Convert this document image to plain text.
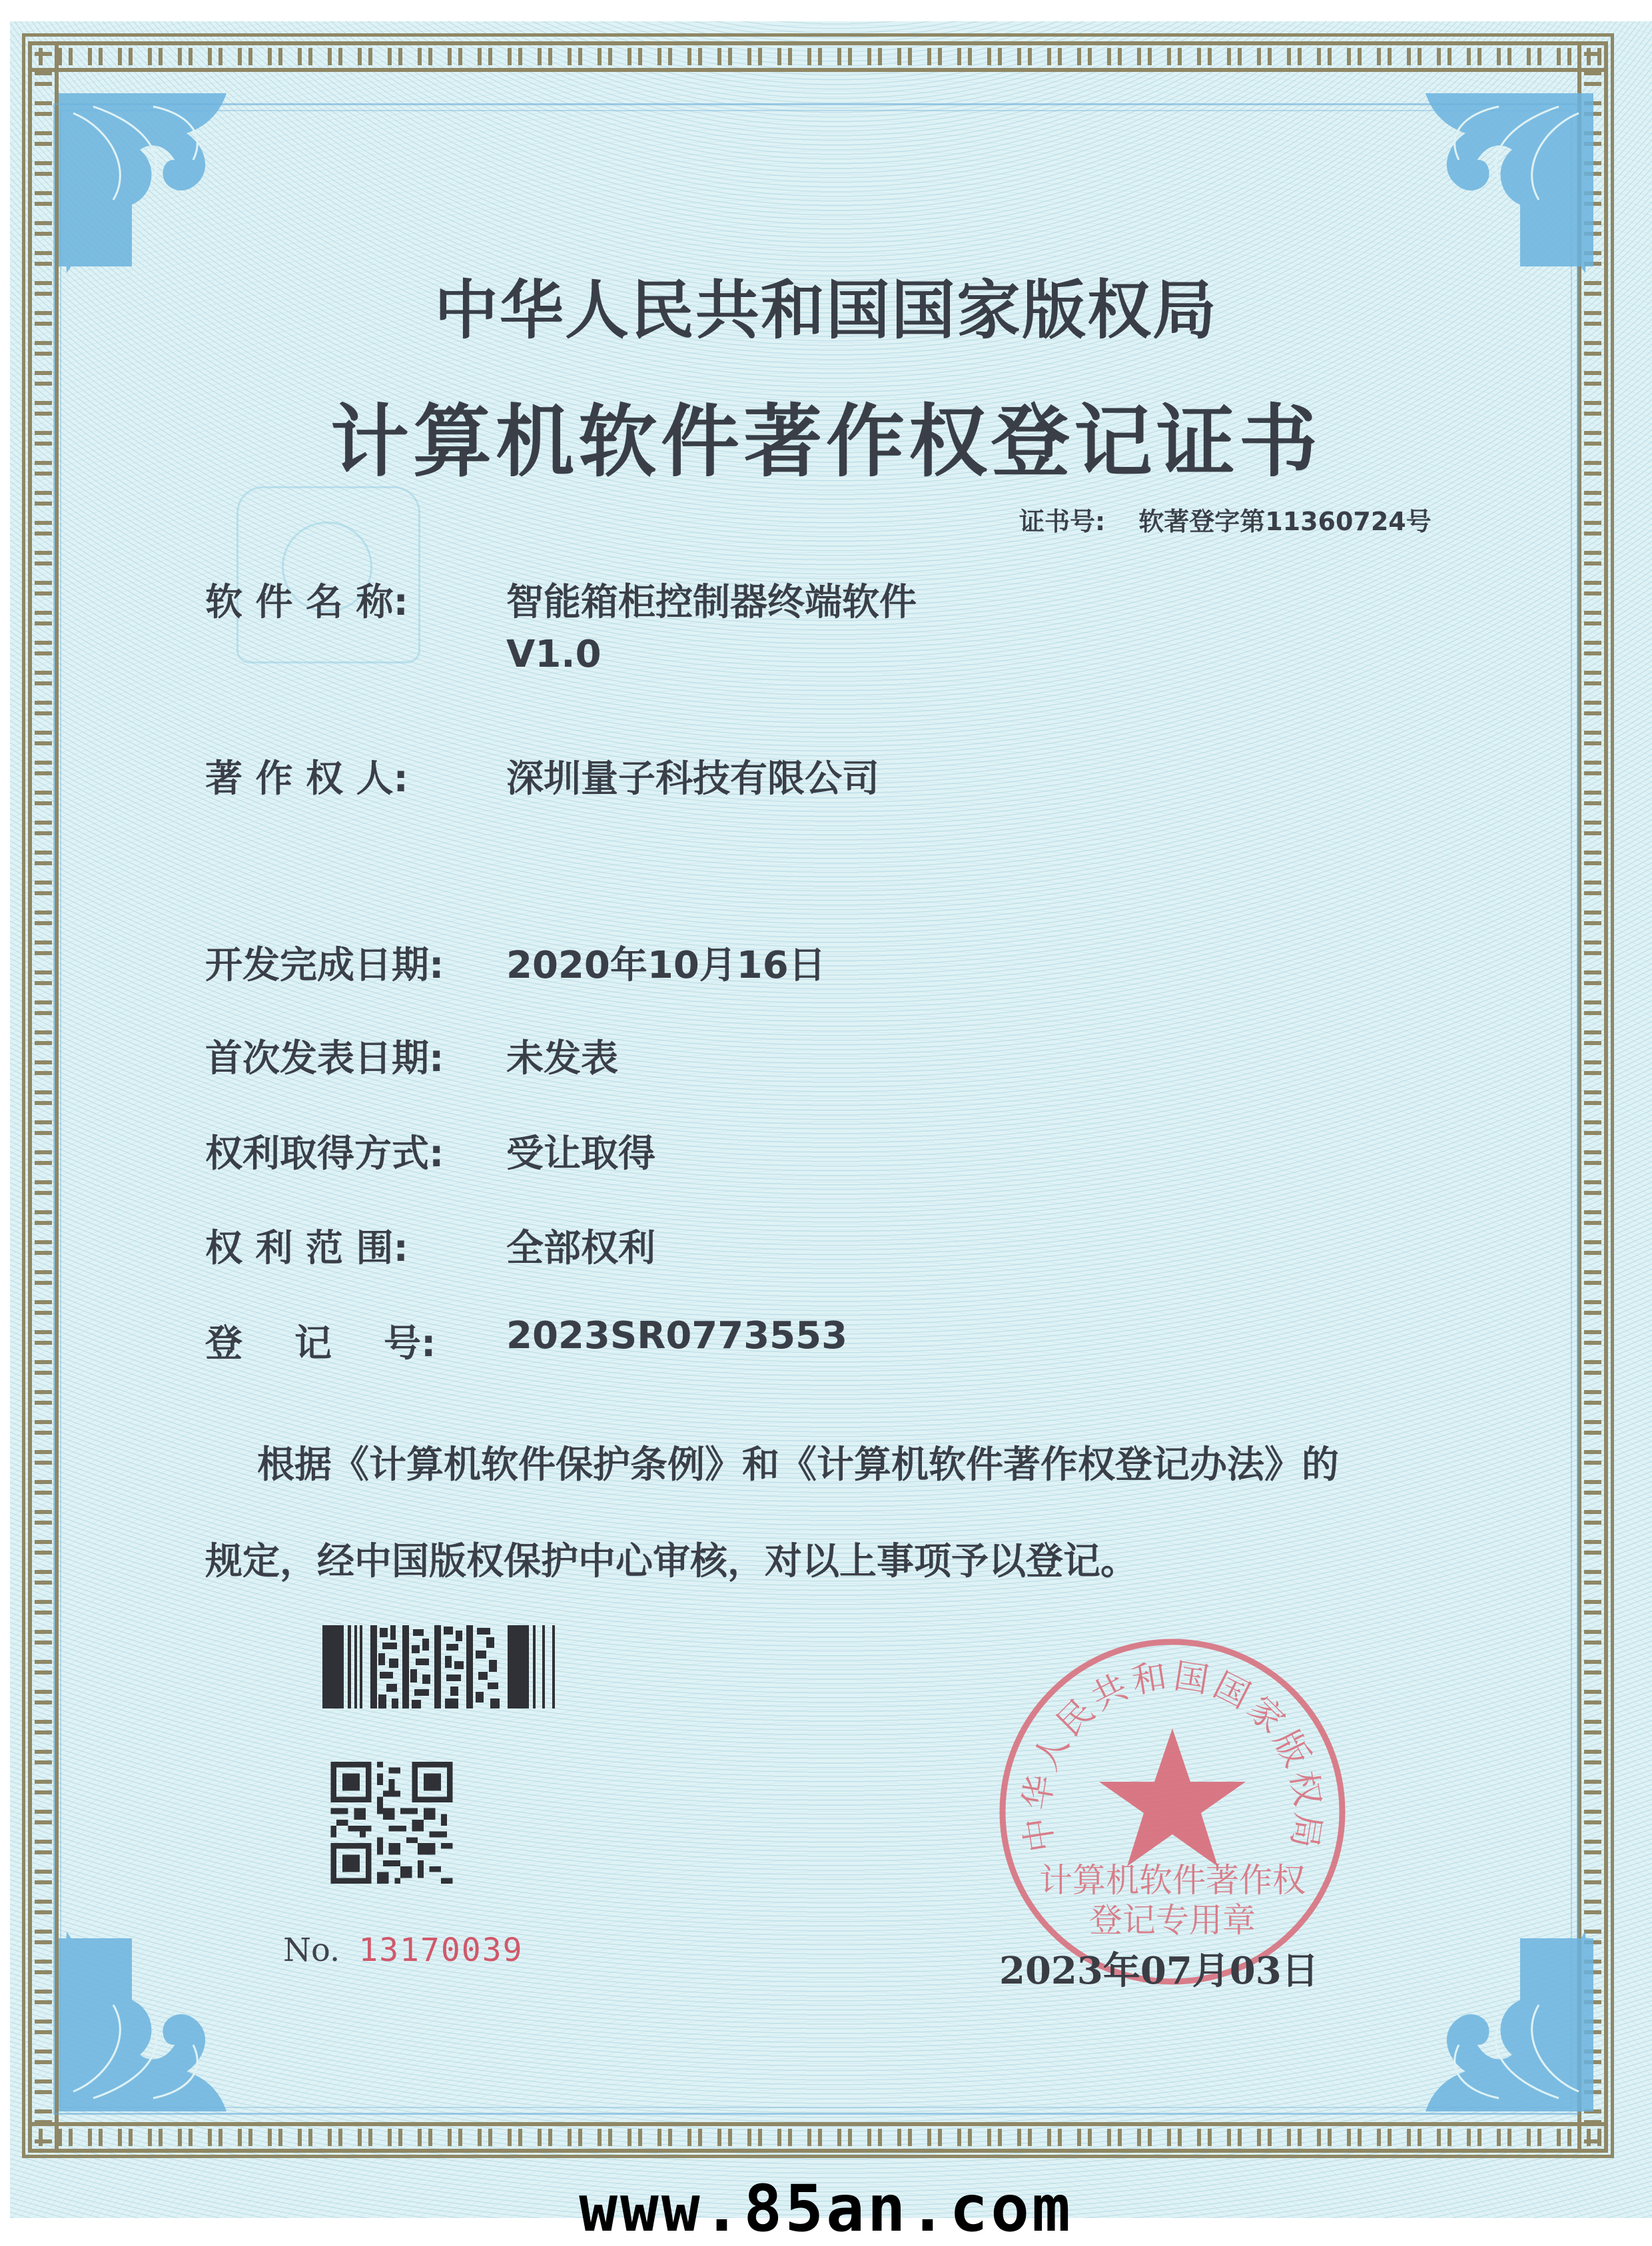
中华人民共和国国家版权局
计算机软件著作权登记证书
证书号: 软著登字第11360724号
软 件 名 称:	智能箱柜控制器终端软件
V1.0
著 作 权 人:	深圳量子科技有限公司
开发完成日期: 2020年10月16日
首次发表日期: 未发表
权利取得方式: 受让取得
权 利 范 围:	全部权利
登    记    号: 2023SR0773553
根据《计算机软件保护条例》和《计算机软件著作权登记办法》的
规定，经中国版权保护中心审核，对以上事项予以登记。
No. 13170039
中华人民共和国国家版权局
计算机软件著作权
登记专用章
2023年07月03日
www.85an.com
